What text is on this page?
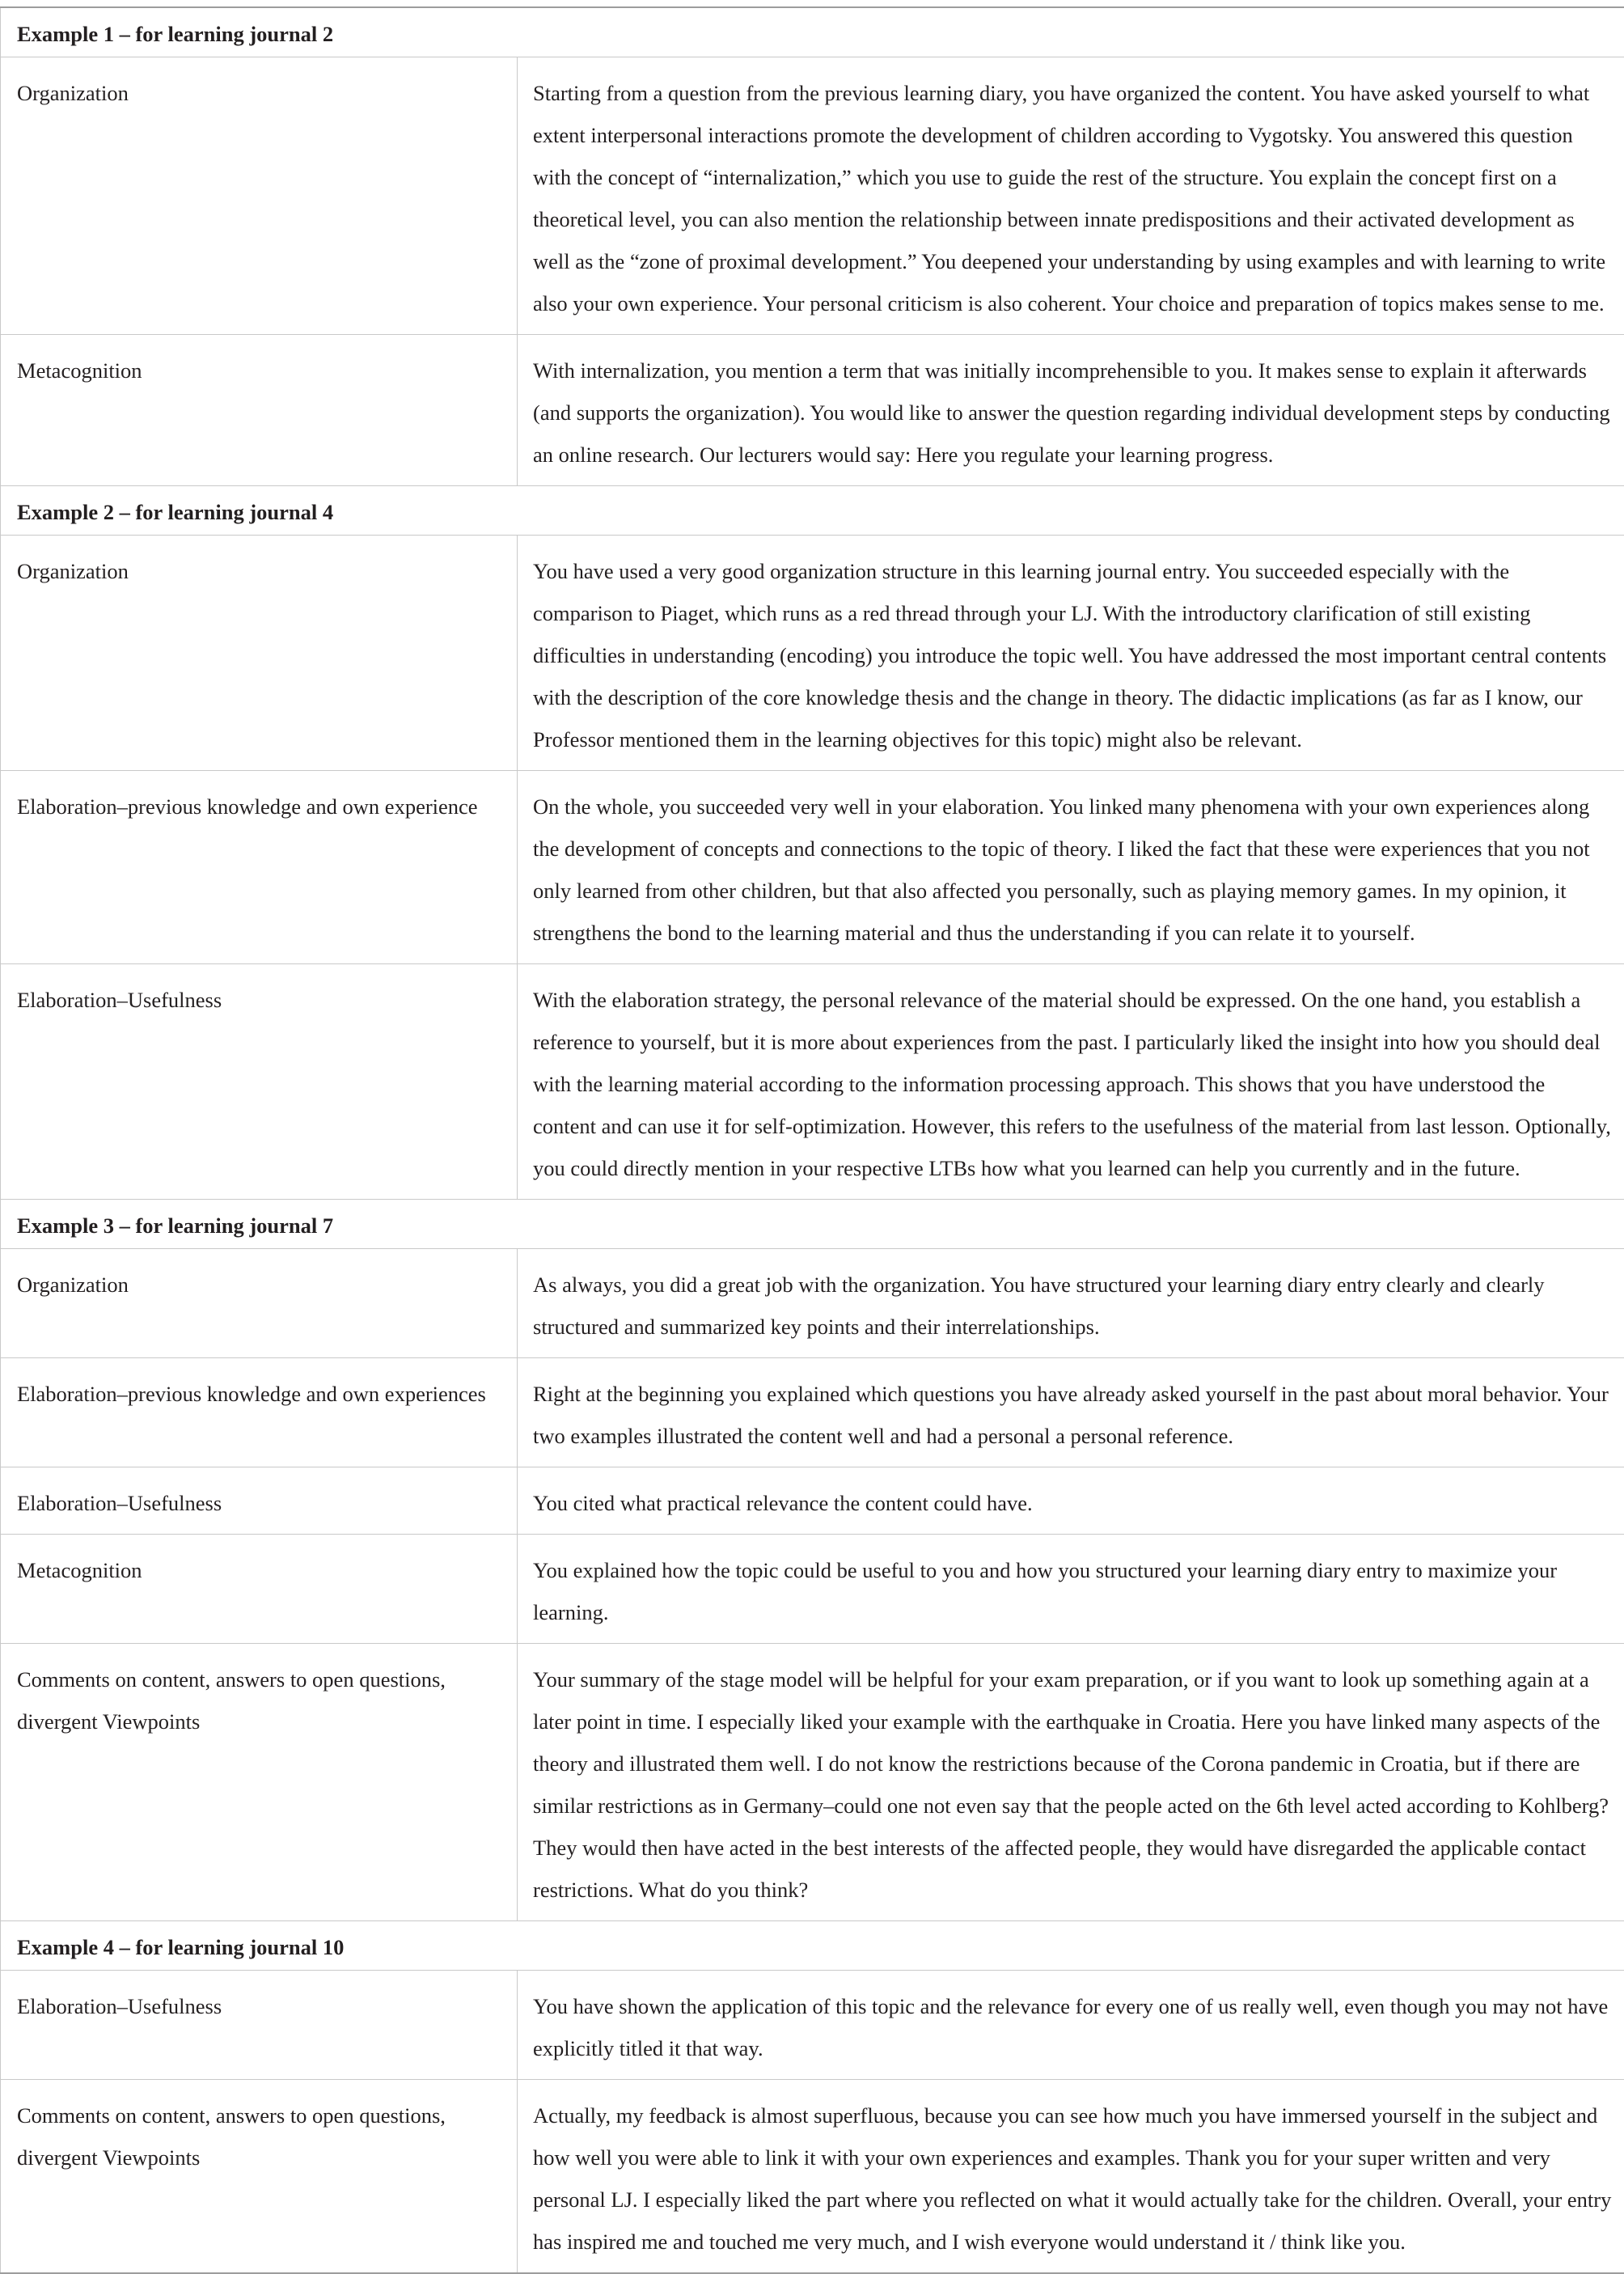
Example 1 – for learning journal 2	
Organization	Starting from a question from the previous learning diary, you have organized the content. You have asked yourself to what extent interpersonal interactions promote the development of children according to Vygotsky. You answered this question with the concept of “internalization,” which you use to guide the rest of the structure. You explain the concept first on a theoretical level, you can also mention the relationship between innate predispositions and their activated development as well as the “zone of proximal development.” You deepened your understanding by using examples and with learning to write also your own experience. Your personal criticism is also coherent. Your choice and preparation of topics makes sense to me.
Metacognition	With internalization, you mention a term that was initially incomprehensible to you. It makes sense to explain it afterwards (and supports the organization). You would like to answer the question regarding individual development steps by conducting an online research. Our lecturers would say: Here you regulate your learning progress.
Example 2 – for learning journal 4	
Organization	You have used a very good organization structure in this learning journal entry. You succeeded especially with the comparison to Piaget, which runs as a red thread through your LJ. With the introductory clarification of still existing difficulties in understanding (encoding) you introduce the topic well. You have addressed the most important central contents with the description of the core knowledge thesis and the change in theory. The didactic implications (as far as I know, our Professor mentioned them in the learning objectives for this topic) might also be relevant.
Elaboration–previous knowledge and own experience	On the whole, you succeeded very well in your elaboration. You linked many phenomena with your own experiences along the development of concepts and connections to the topic of theory. I liked the fact that these were experiences that you not only learned from other children, but that also affected you personally, such as playing memory games. In my opinion, it strengthens the bond to the learning material and thus the understanding if you can relate it to yourself.
Elaboration–Usefulness	With the elaboration strategy, the personal relevance of the material should be expressed. On the one hand, you establish a reference to yourself, but it is more about experiences from the past. I particularly liked the insight into how you should deal with the learning material according to the information processing approach. This shows that you have understood the content and can use it for self-optimization. However, this refers to the usefulness of the material from last lesson. Optionally, you could directly mention in your respective LTBs how what you learned can help you currently and in the future.
Example 3 – for learning journal 7	
Organization	As always, you did a great job with the organization. You have structured your learning diary entry clearly and clearly structured and summarized key points and their interrelationships.
Elaboration–previous knowledge and own experiences	Right at the beginning you explained which questions you have already asked yourself in the past about moral behavior. Your two examples illustrated the content well and had a personal a personal reference.
Elaboration–Usefulness	You cited what practical relevance the content could have.
Metacognition	You explained how the topic could be useful to you and how you structured your learning diary entry to maximize your learning.
Comments on content, answers to open questions, divergent Viewpoints	Your summary of the stage model will be helpful for your exam preparation, or if you want to look up something again at a later point in time. I especially liked your example with the earthquake in Croatia. Here you have linked many aspects of the theory and illustrated them well. I do not know the restrictions because of the Corona pandemic in Croatia, but if there are similar restrictions as in Germany–could one not even say that the people acted on the 6th level acted according to Kohlberg? They would then have acted in the best interests of the affected people, they would have disregarded the applicable contact restrictions. What do you think?
Example 4 – for learning journal 10	
Elaboration–Usefulness	You have shown the application of this topic and the relevance for every one of us really well, even though you may not have explicitly titled it that way.
Comments on content, answers to open questions, divergent Viewpoints	Actually, my feedback is almost superfluous, because you can see how much you have immersed yourself in the subject and how well you were able to link it with your own experiences and examples. Thank you for your super written and very personal LJ. I especially liked the part where you reflected on what it would actually take for the children. Overall, your entry has inspired me and touched me very much, and I wish everyone would understand it / think like you.
